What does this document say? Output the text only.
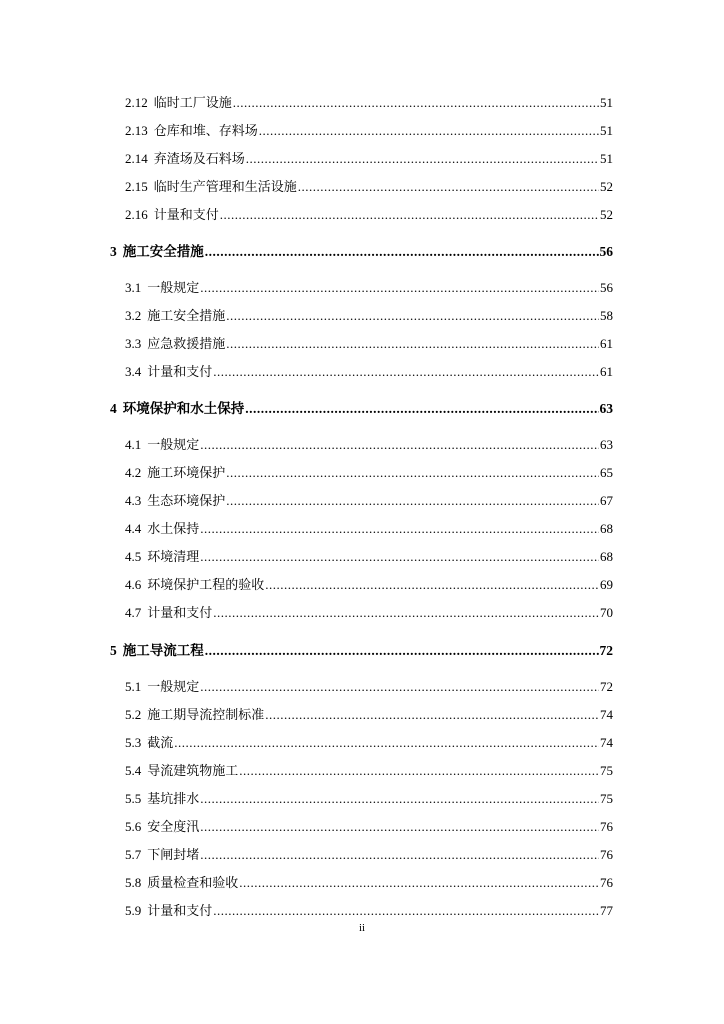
2.12 临时工厂设施 .....	51
2.13 仓库和堆、存料场 .....	51
2.14 弃渣场及石料场 .....	51
2.15 临时生产管理和生活设施 .....	52
2.16 计量和支付 .....	52
3 施工安全措施 .....	56
3.1 一般规定 .....	56
3.2 施工安全措施 .....	58
3.3 应急救援措施 .....	61
3.4 计量和支付 .....	61
4 环境保护和水土保持 .....	63
4.1 一般规定 .....	63
4.2 施工环境保护 .....	65
4.3 生态环境保护 .....	67
4.4 水土保持 .....	68
4.5 环境清理 .....	68
4.6 环境保护工程的验收 .....	69
4.7 计量和支付 .....	70
5 施工导流工程 .....	72
5.1 一般规定 .....	72
5.2 施工期导流控制标准 .....	74
5.3 截流 .....	74
5.4 导流建筑物施工 .....	75
5.5 基坑排水 .....	75
5.6 安全度汛 .....	76
5.7 下闸封堵 .....	76
5.8 质量检查和验收 .....	76
5.9 计量和支付 .....	77
ii
